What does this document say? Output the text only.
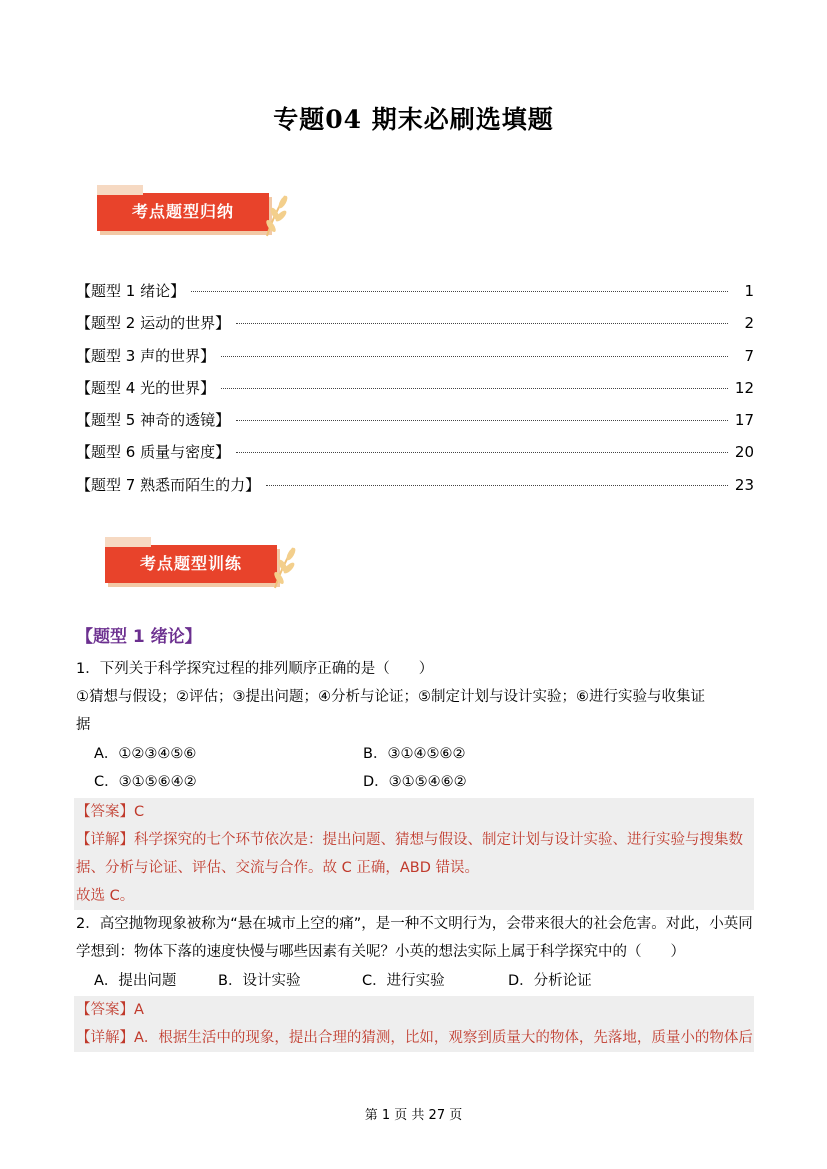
专题04 期末必刷选填题
考点题型归纳
【题型 1 绪论】	1
【题型 2 运动的世界】	2
【题型 3 声的世界】	7
【题型 4 光的世界】	12
【题型 5 神奇的透镜】	17
【题型 6 质量与密度】	20
【题型 7 熟悉而陌生的力】	23
考点题型训练
【题型 1 绪论】
1．下列关于科学探究过程的排列顺序正确的是（　　）
①猜想与假设；②评估；③提出问题；④分析与论证；⑤制定计划与设计实验；⑥进行实验与收集证
据
A．①②③④⑤⑥	B．③①④⑤⑥②
C．③①⑤⑥④②	D．③①⑤④⑥②
【答案】C
【详解】科学探究的七个环节依次是：提出问题、猜想与假设、制定计划与设计实验、进行实验与搜集数
据、分析与论证、评估、交流与合作。故 C 正确，ABD 错误。
故选 C。
2．高空抛物现象被称为“悬在城市上空的痛”，是一种不文明行为，会带来很大的社会危害。对此，小英同
学想到：物体下落的速度快慢与哪些因素有关呢？小英的想法实际上属于科学探究中的（　　）
A．提出问题	B．设计实验	C．进行实验	D．分析论证
【答案】A
【详解】A．根据生活中的现象，提出合理的猜测，比如，观察到质量大的物体，先落地，质量小的物体后
第 1 页 共 27 页
